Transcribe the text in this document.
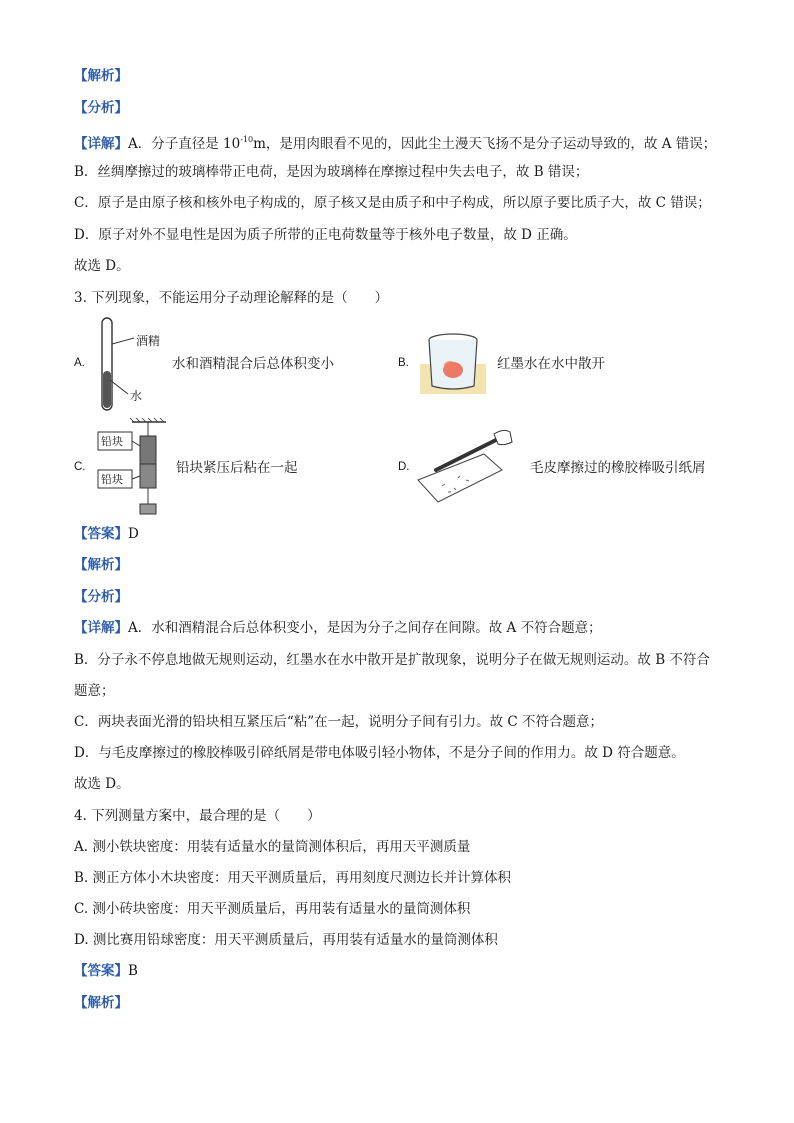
【解析】
【分析】
【详解】A．分子直径是 $10^{-10}m$，是用肉眼看不见的，因此尘土漫天飞扬不是分子运动导致的，故 A 错误；
B．丝绸摩擦过的玻璃棒带正电荷，是因为玻璃棒在摩擦过程中失去电子，故 B 错误；
C．原子是由原子核和核外电子构成的，原子核又是由质子和中子构成，所以原子要比质子大，故 C 错误；
D．原子对外不显电性是因为质子所带的正电荷数量等于核外电子数量，故 D 正确。
故选 D。
3. 下列现象，不能运用分子动理论解释的是（　　）
A.
酒精
水
水和酒精混合后总体积变小	B.	红墨水在水中散开
C.
铅块
铅块
铅块紧压后粘在一起	D.	毛皮摩擦过的橡胶棒吸引纸屑
【答案】D
【解析】
【分析】
【详解】A．水和酒精混合后总体积变小，是因为分子之间存在间隙。故 A 不符合题意；
B．分子永不停息地做无规则运动，红墨水在水中散开是扩散现象，说明分子在做无规则运动。故 B 不符合
题意；
C．两块表面光滑的铅块相互紧压后“粘”在一起，说明分子间有引力。故 C 不符合题意；
D．与毛皮摩擦过的橡胶棒吸引碎纸屑是带电体吸引轻小物体，不是分子间的作用力。故 D 符合题意。
故选 D。
4. 下列测量方案中，最合理的是（　　）
A. 测小铁块密度：用装有适量水的量筒测体积后，再用天平测质量
B. 测正方体小木块密度：用天平测质量后，再用刻度尺测边长并计算体积
C. 测小砖块密度：用天平测质量后，再用装有适量水的量筒测体积
D. 测比赛用铅球密度：用天平测质量后，再用装有适量水的量筒测体积
【答案】B
【解析】
